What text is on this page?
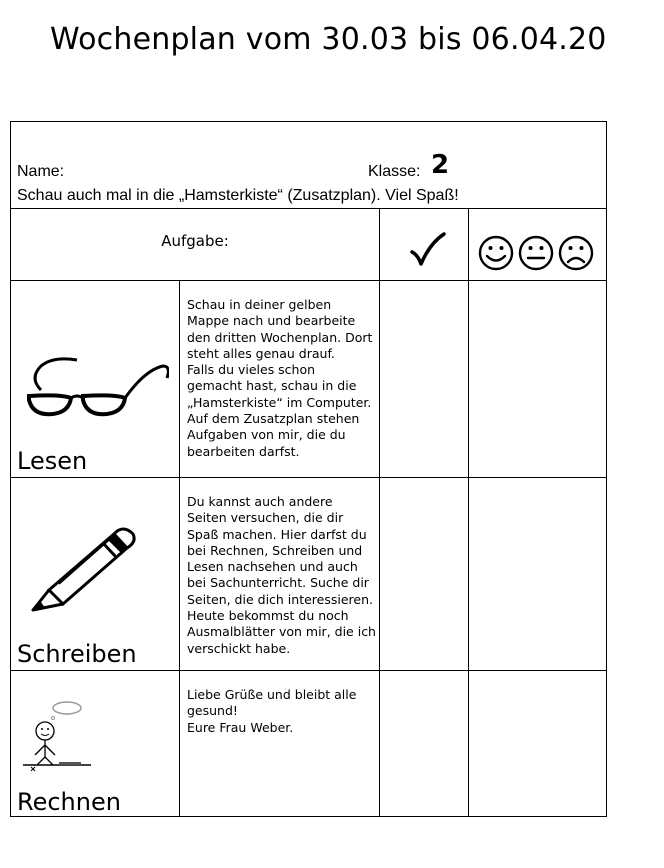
Wochenplan vom 30.03 bis 06.04.20
Name:	Klasse: 2
Schau auch mal in die „Hamsterkiste“ (Zusatzplan). Viel Spaß!
Aufgabe:
Lesen
Schau in deiner gelben
Mappe nach und bearbeite
den dritten Wochenplan. Dort
steht alles genau drauf.
Falls du vieles schon
gemacht hast, schau in die
„Hamsterkiste“ im Computer.
Auf dem Zusatzplan stehen
Aufgaben von mir, die du
bearbeiten darfst.
Schreiben
Du kannst auch andere
Seiten versuchen, die dir
Spaß machen. Hier darfst du
bei Rechnen, Schreiben und
Lesen nachsehen und auch
bei Sachunterricht. Suche dir
Seiten, die dich interessieren.
Heute bekommst du noch
Ausmalblätter von mir, die ich
verschickt habe.
Rechnen
Liebe Grüße und bleibt alle
gesund!
Eure Frau Weber.
